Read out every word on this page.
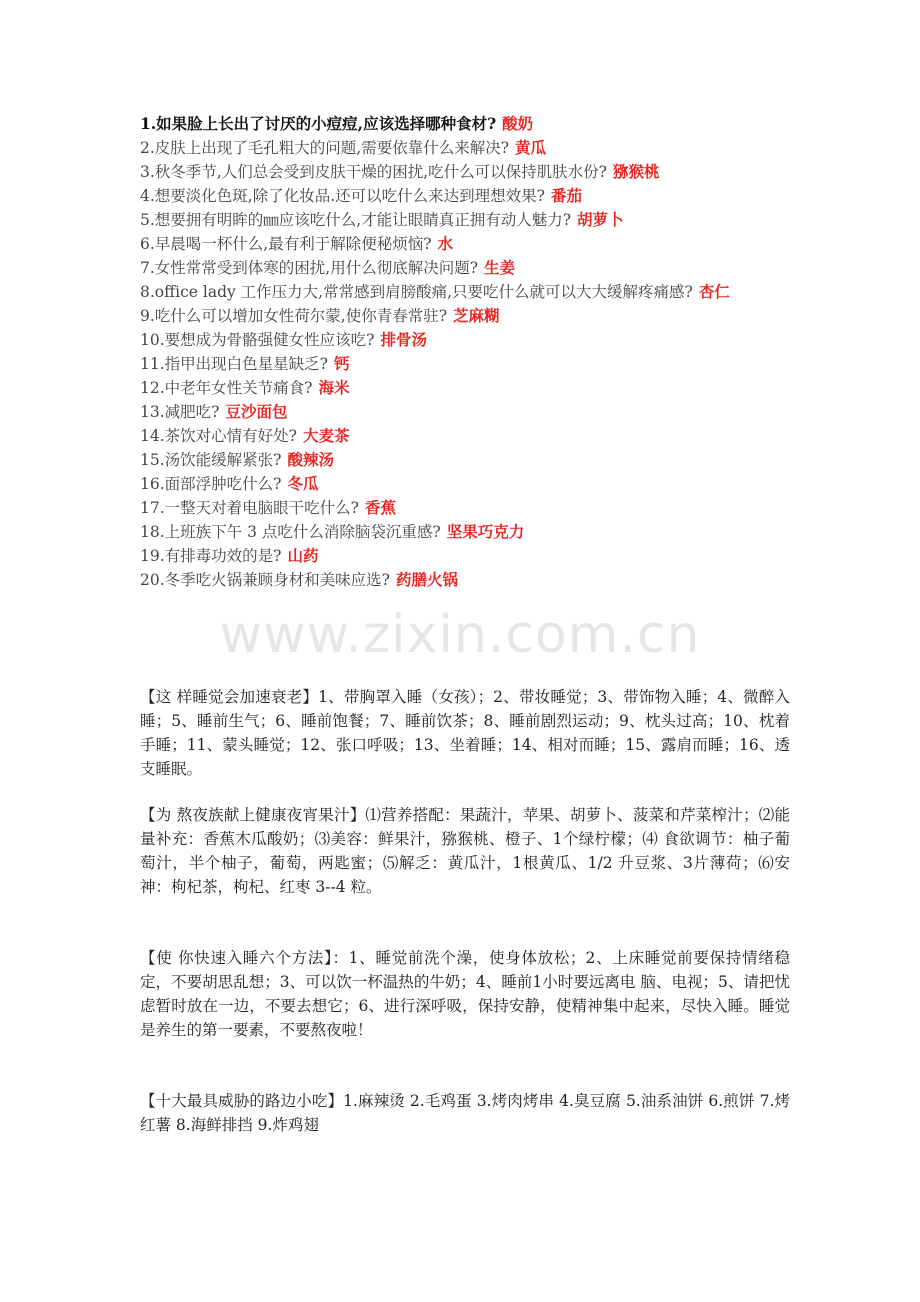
1.如果脸上长出了讨厌的小痘痘,应该选择哪种食材? 酸奶

2.皮肤上出现了毛孔粗大的问题,需要依靠什么来解决? 黄瓜

3.秋冬季节,人们总会受到皮肤干燥的困扰,吃什么可以保持肌肤水份? 猕猴桃

4.想要淡化色斑,除了化妆品.还可以吃什么来达到理想效果? 番茄

5.想要拥有明眸的㎜应该吃什么,才能让眼睛真正拥有动人魅力? 胡萝卜

6.早晨喝一杯什么,最有利于解除便秘烦恼? 水

7.女性常常受到体寒的困扰,用什么彻底解决问题? 生姜

8.office lady 工作压力大,常常感到肩膀酸痛,只要吃什么就可以大大缓解疼痛感? 杏仁

9.吃什么可以增加女性荷尔蒙,使你青春常驻? 芝麻糊

10.要想成为骨骼强健女性应该吃? 排骨汤

11.指甲出现白色星星缺乏? 钙

12.中老年女性关节痛食? 海米

13.减肥吃? 豆沙面包

14.茶饮对心情有好处? 大麦茶

15.汤饮能缓解紧张? 酸辣汤

16.面部浮肿吃什么? 冬瓜

17.一整天对着电脑眼干吃什么? 香蕉

18.上班族下午 3 点吃什么消除脑袋沉重感? 坚果巧克力

19.有排毒功效的是? 山药

20.冬季吃火锅兼顾身材和美味应选? 药膳火锅

www.zixin.com.cn

【这 样睡觉会加速衰老】1、带胸罩入睡（女孩）；2、带妆睡觉；3、带饰物入睡；4、微醉入睡；5、睡前生气；6、睡前饱餐；7、睡前饮茶；8、睡前剧烈运动；9、枕头过高；10、枕着手睡；11、蒙头睡觉；12、张口呼吸；13、坐着睡；14、相对而睡；15、露肩而睡；16、透支睡眠。

【为 熬夜族献上健康夜宵果汁】⑴营养搭配：果蔬汁，苹果、胡萝卜、菠菜和芹菜榨汁；⑵能量补充：香蕉木瓜酸奶；⑶美容：鲜果汁，猕猴桃、橙子、1个绿柠檬；⑷ 食欲调节：柚子葡萄汁，半个柚子，葡萄，两匙蜜；⑸解乏：黄瓜汁，1根黄瓜、1/2 升豆浆、3片薄荷；⑹安神：枸杞茶，枸杞、红枣 3--4 粒。

【使 你快速入睡六个方法】：1、睡觉前洗个澡，使身体放松；2、上床睡觉前要保持情绪稳定，不要胡思乱想；3、可以饮一杯温热的牛奶；4、睡前1小时要远离电 脑、电视；5、请把忧虑暂时放在一边，不要去想它；6、进行深呼吸，保持安静，使精神集中起来，尽快入睡。睡觉是养生的第一要素，不要熬夜啦！

【十大最具威胁的路边小吃】1.麻辣烫 2.毛鸡蛋 3.烤肉烤串 4.臭豆腐 5.油系油饼 6.煎饼 7.烤红薯 8.海鲜排挡 9.炸鸡翅
